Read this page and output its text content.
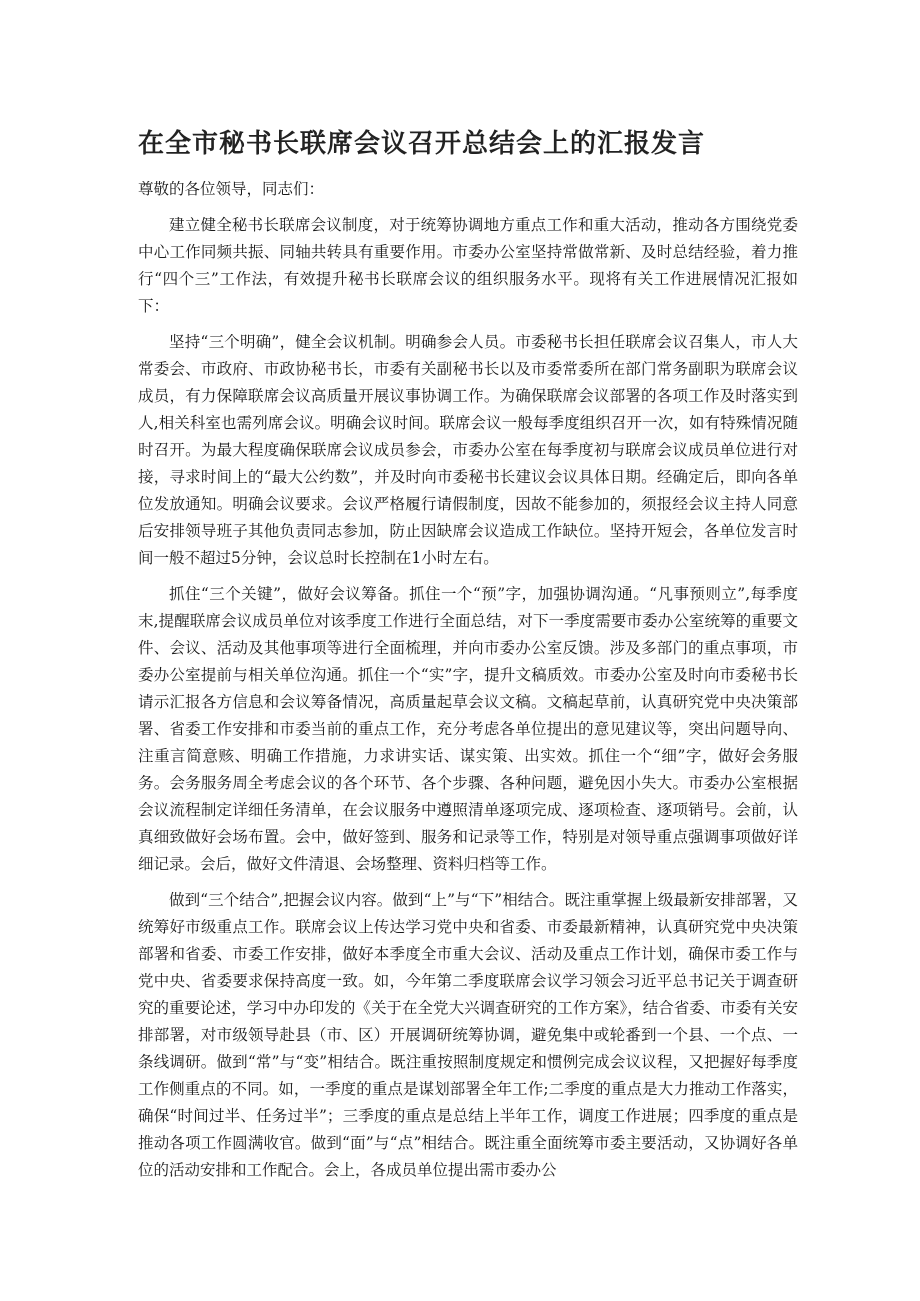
在全市秘书长联席会议召开总结会上的汇报发言

尊敬的各位领导，同志们：

建立健全秘书长联席会议制度，对于统筹协调地方重点工作和重大活动，推动各方围绕党委中心工作同频共振、同轴共转具有重要作用。市委办公室坚持常做常新、及时总结经验，着力推行“四个三”工作法，有效提升秘书长联席会议的组织服务水平。现将有关工作进展情况汇报如下：

坚持“三个明确”，健全会议机制。明确参会人员。市委秘书长担任联席会议召集人，市人大常委会、市政府、市政协秘书长，市委有关副秘书长以及市委常委所在部门常务副职为联席会议成员，有力保障联席会议高质量开展议事协调工作。为确保联席会议部署的各项工作及时落实到人,相关科室也需列席会议。明确会议时间。联席会议一般每季度组织召开一次，如有特殊情况随时召开。为最大程度确保联席会议成员参会，市委办公室在每季度初与联席会议成员单位进行对接，寻求时间上的“最大公约数”，并及时向市委秘书长建议会议具体日期。经确定后，即向各单位发放通知。明确会议要求。会议严格履行请假制度，因故不能参加的，须报经会议主持人同意后安排领导班子其他负责同志参加，防止因缺席会议造成工作缺位。坚持开短会，各单位发言时间一般不超过5分钟，会议总时长控制在1小时左右。

抓住“三个关键”，做好会议筹备。抓住一个“预”字，加强协调沟通。“凡事预则立”,每季度末,提醒联席会议成员单位对该季度工作进行全面总结，对下一季度需要市委办公室统筹的重要文件、会议、活动及其他事项等进行全面梳理，并向市委办公室反馈。涉及多部门的重点事项，市委办公室提前与相关单位沟通。抓住一个“实”字，提升文稿质效。市委办公室及时向市委秘书长请示汇报各方信息和会议筹备情况，高质量起草会议文稿。文稿起草前，认真研究党中央决策部署、省委工作安排和市委当前的重点工作，充分考虑各单位提出的意见建议等，突出问题导向、注重言简意赅、明确工作措施，力求讲实话、谋实策、出实效。抓住一个“细”字，做好会务服务。会务服务周全考虑会议的各个环节、各个步骤、各种问题，避免因小失大。市委办公室根据会议流程制定详细任务清单，在会议服务中遵照清单逐项完成、逐项检查、逐项销号。会前，认真细致做好会场布置。会中，做好签到、服务和记录等工作，特别是对领导重点强调事项做好详细记录。会后，做好文件清退、会场整理、资料归档等工作。

做到“三个结合”,把握会议内容。做到“上”与“下”相结合。既注重掌握上级最新安排部署，又统筹好市级重点工作。联席会议上传达学习党中央和省委、市委最新精神，认真研究党中央决策部署和省委、市委工作安排，做好本季度全市重大会议、活动及重点工作计划，确保市委工作与党中央、省委要求保持高度一致。如，今年第二季度联席会议学习领会习近平总书记关于调查研究的重要论述，学习中办印发的《关于在全党大兴调查研究的工作方案》，结合省委、市委有关安排部署，对市级领导赴县（市、区）开展调研统筹协调，避免集中或轮番到一个县、一个点、一条线调研。做到“常”与“变”相结合。既注重按照制度规定和惯例完成会议议程，又把握好每季度工作侧重点的不同。如，一季度的重点是谋划部署全年工作;二季度的重点是大力推动工作落实，确保“时间过半、任务过半”；三季度的重点是总结上半年工作，调度工作进展；四季度的重点是推动各项工作圆满收官。做到“面”与“点”相结合。既注重全面统筹市委主要活动，又协调好各单位的活动安排和工作配合。会上，各成员单位提出需市委办公
